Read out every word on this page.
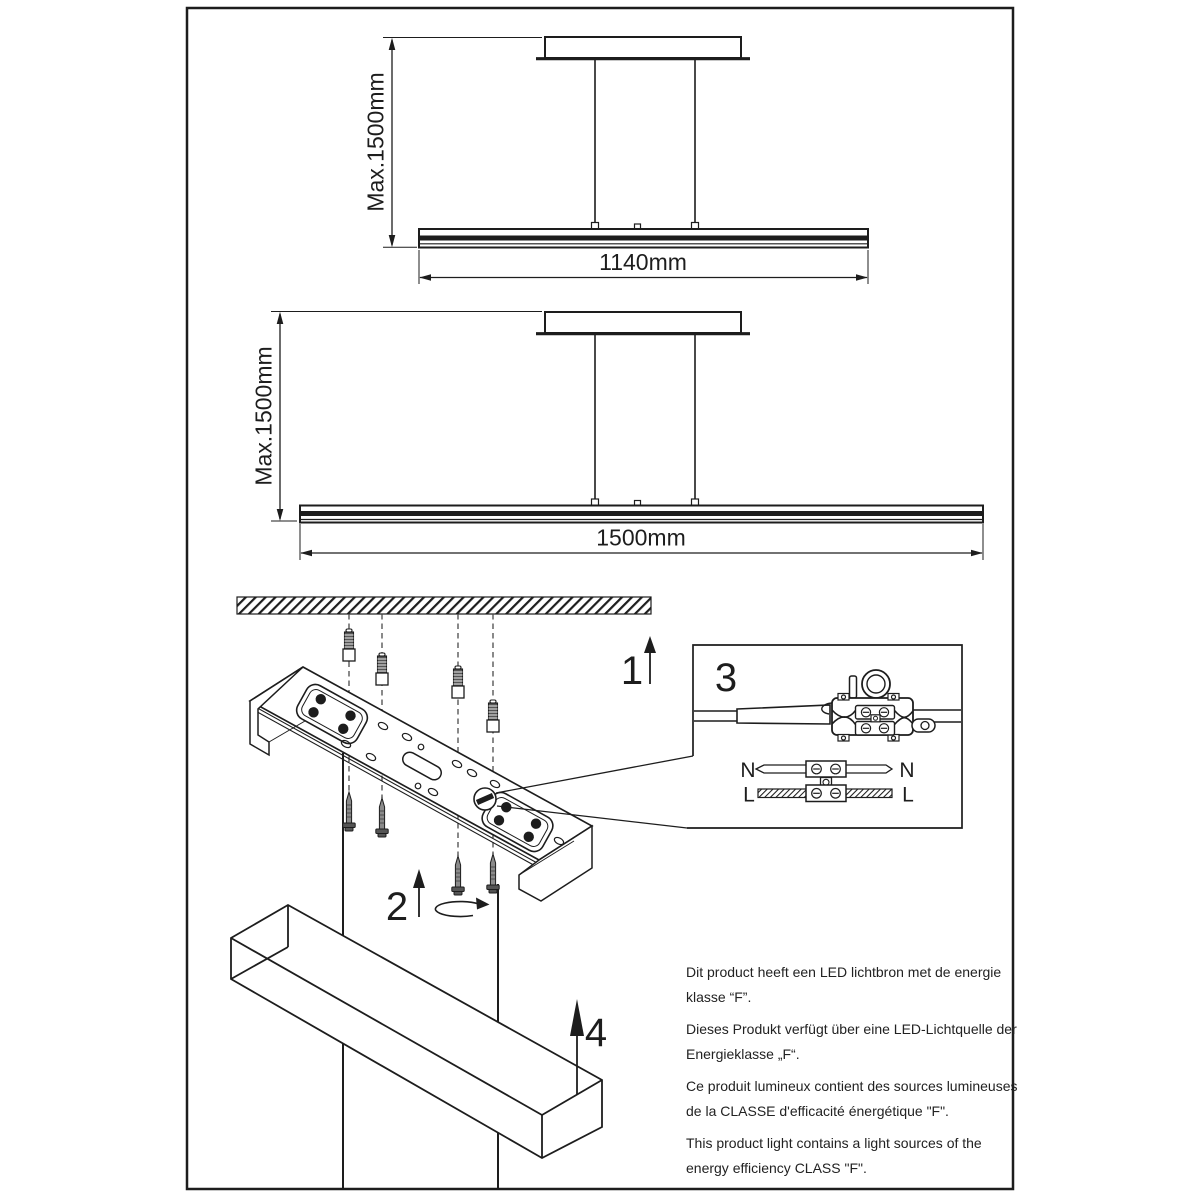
Max.1500mm
1140mm
Max.1500mm
1500mm
1
2
4
3
N	N
L	L
Dit product heeft een LED lichtbron met de energie
klasse “F”.
Dieses Produkt verfügt über eine LED-Lichtquelle der
Energieklasse „F“.
Ce produit lumineux contient des sources lumineuses
de la CLASSE d'efficacité énergétique "F".
This product light contains a light sources of the
energy efficiency CLASS "F".
